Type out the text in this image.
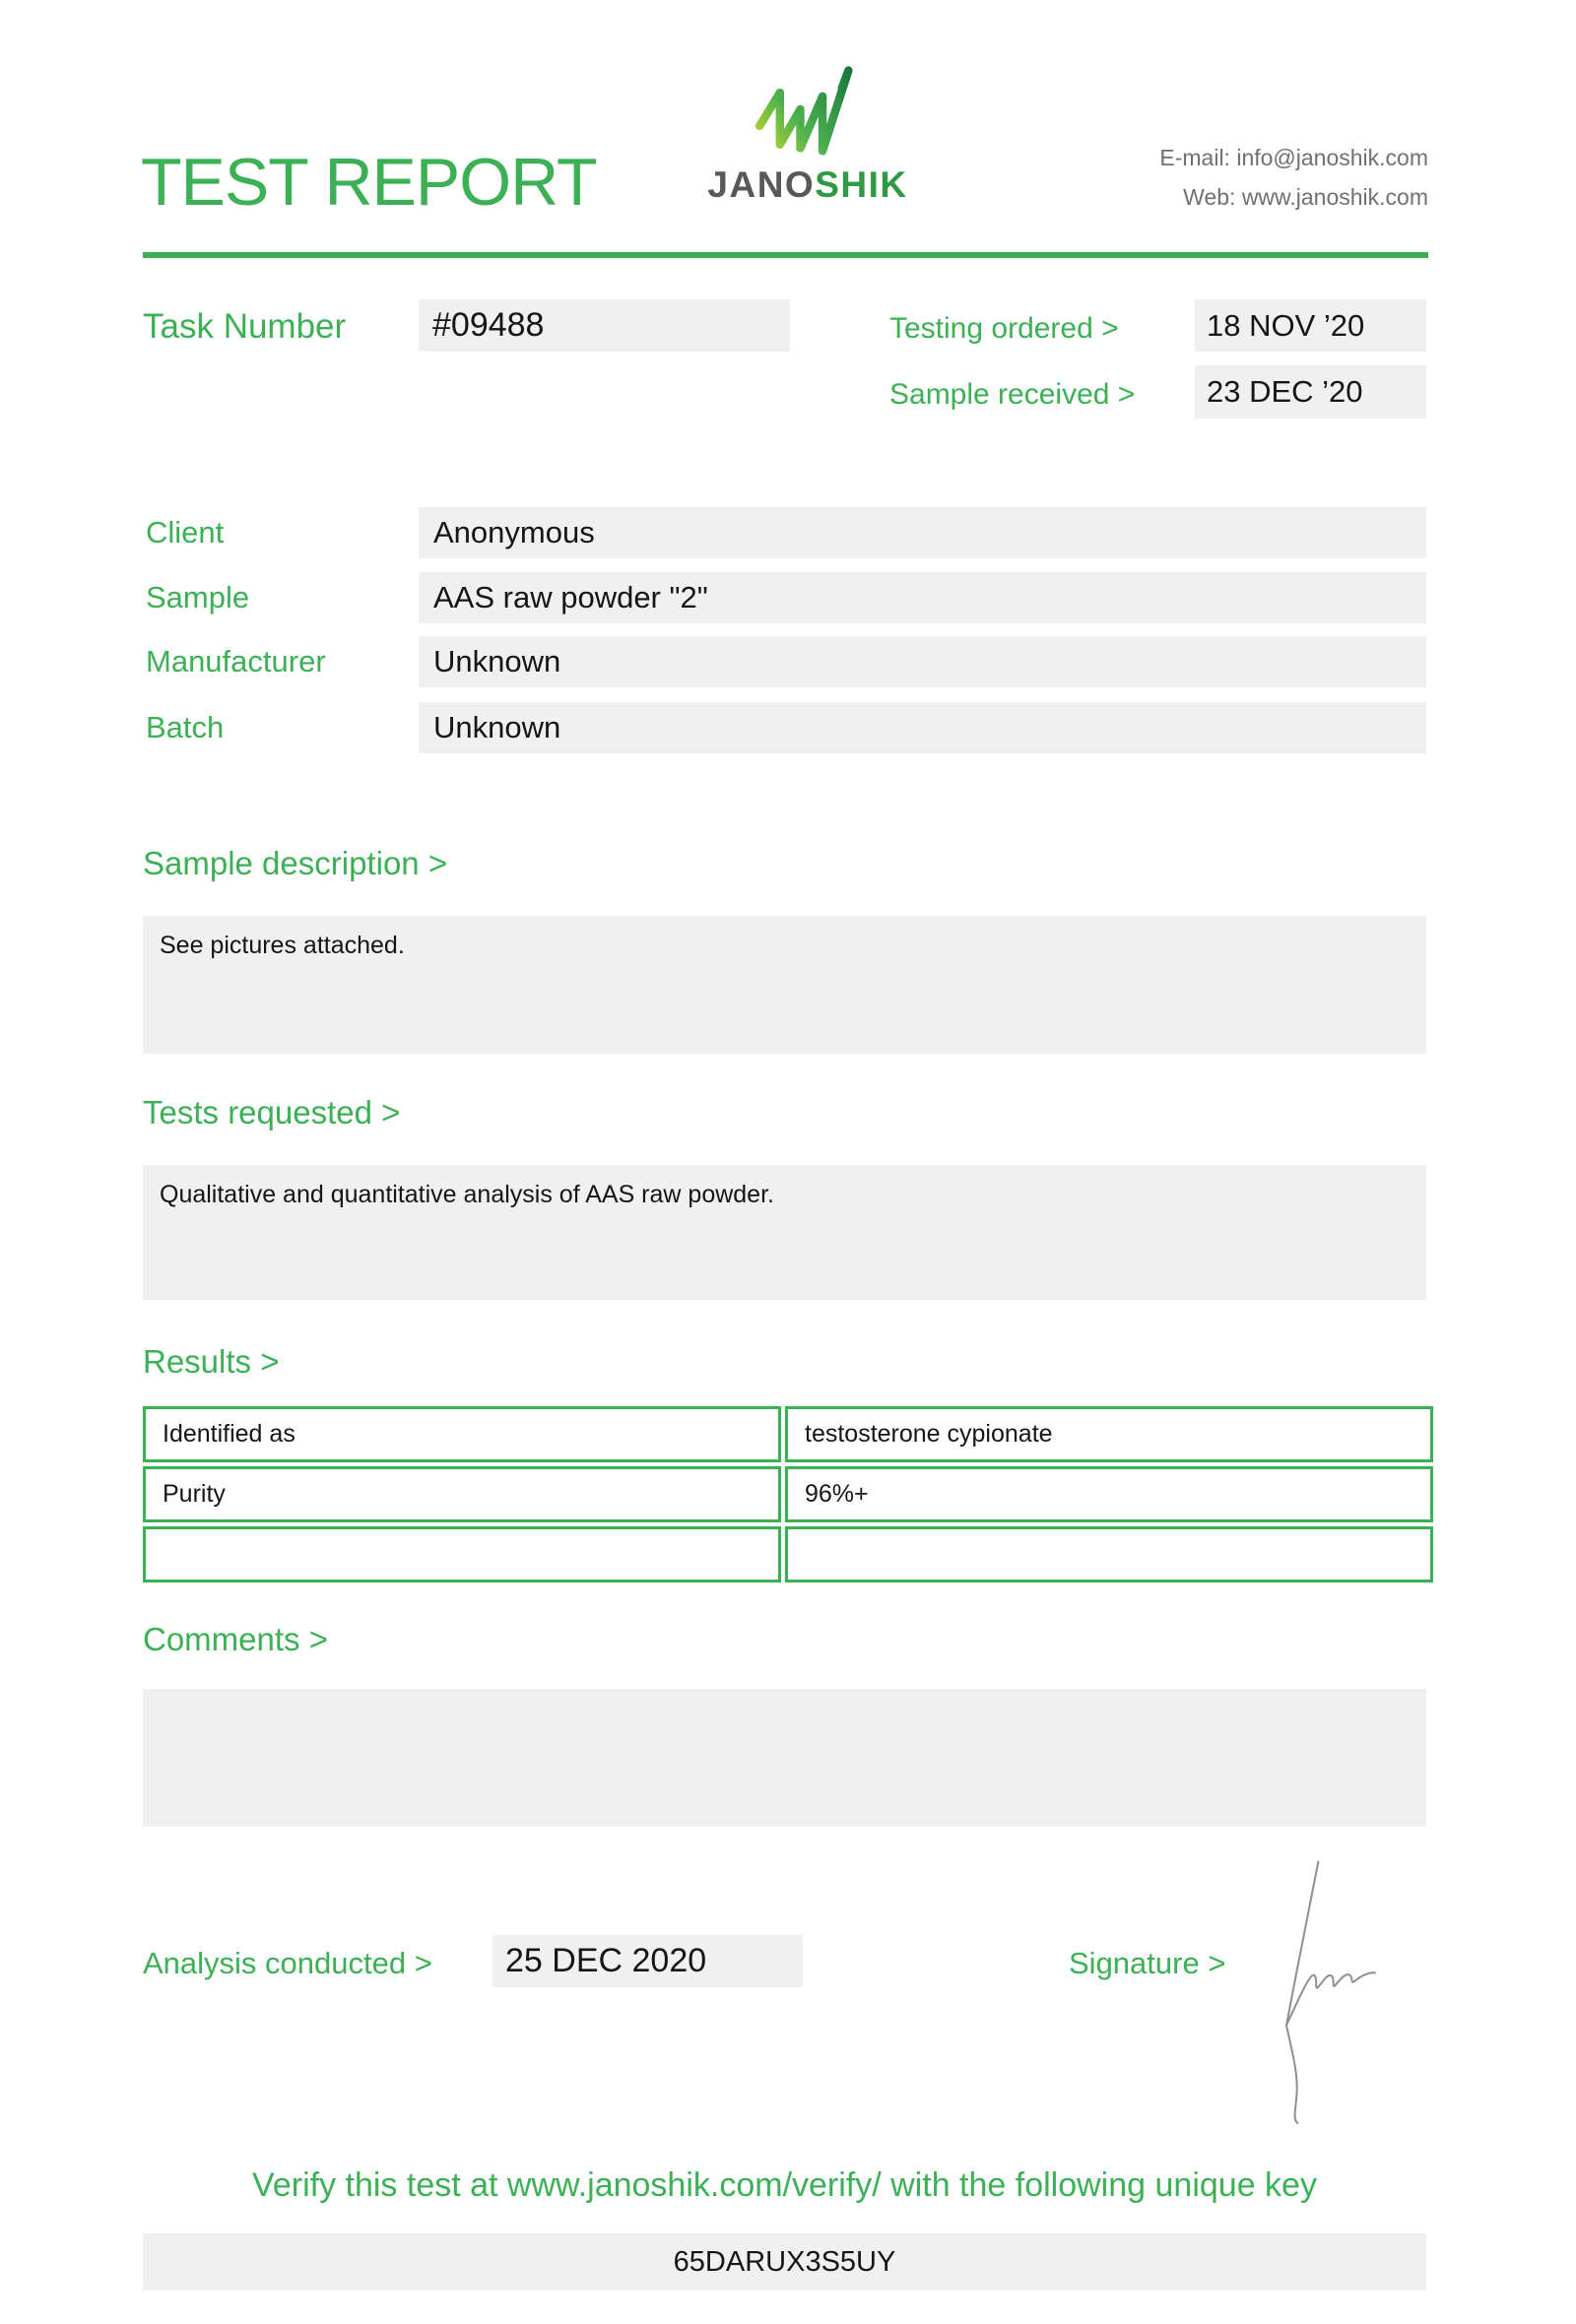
TEST REPORT	JANOSHIK
E-mail: info@janoshik.com
Web: www.janoshik.com
Task Number	#09488	Testing ordered >	18 NOV ’20
Sample received >	23 DEC ’20
Client	Anonymous
Sample	AAS raw powder "2"
Manufacturer	Unknown
Batch	Unknown
Sample description >
See pictures attached.
Tests requested >
Qualitative and quantitative analysis of AAS raw powder.
Results >
Identified as	testosterone cypionate
Purity	96%+
Comments >
Analysis conducted >	25 DEC 2020	Signature >
Verify this test at www.janoshik.com/verify/ with the following unique key
65DARUX3S5UY
